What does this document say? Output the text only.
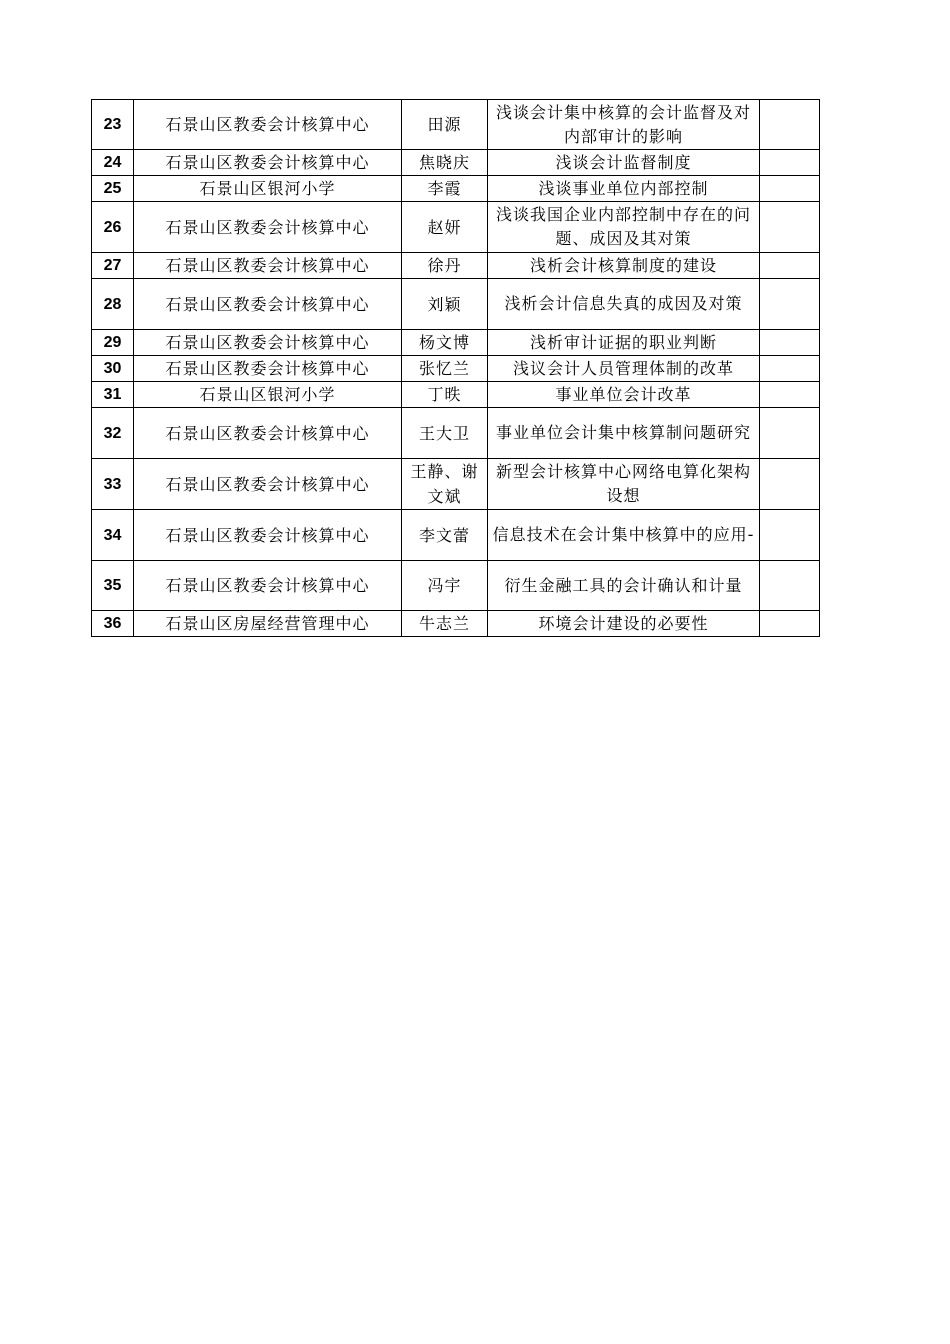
23	石景山区教委会计核算中心	田源	浅谈会计集中核算的会计监督及对内部审计的影响	
24	石景山区教委会计核算中心	焦晓庆	浅谈会计监督制度	
25	石景山区银河小学	李霞	浅谈事业单位内部控制	
26	石景山区教委会计核算中心	赵妍	浅谈我国企业内部控制中存在的问题、成因及其对策	
27	石景山区教委会计核算中心	徐丹	浅析会计核算制度的建设	
28	石景山区教委会计核算中心	刘颖	浅析会计信息失真的成因及对策	
29	石景山区教委会计核算中心	杨文博	浅析审计证据的职业判断	
30	石景山区教委会计核算中心	张忆兰	浅议会计人员管理体制的改革	
31	石景山区银河小学	丁昳	事业单位会计改革	
32	石景山区教委会计核算中心	王大卫	事业单位会计集中核算制问题研究	
33	石景山区教委会计核算中心	王静、谢文斌	新型会计核算中心网络电算化架构设想	
34	石景山区教委会计核算中心	李文蕾	信息技术在会计集中核算中的应用-	
35	石景山区教委会计核算中心	冯宇	衍生金融工具的会计确认和计量	
36	石景山区房屋经营管理中心	牛志兰	环境会计建设的必要性	
